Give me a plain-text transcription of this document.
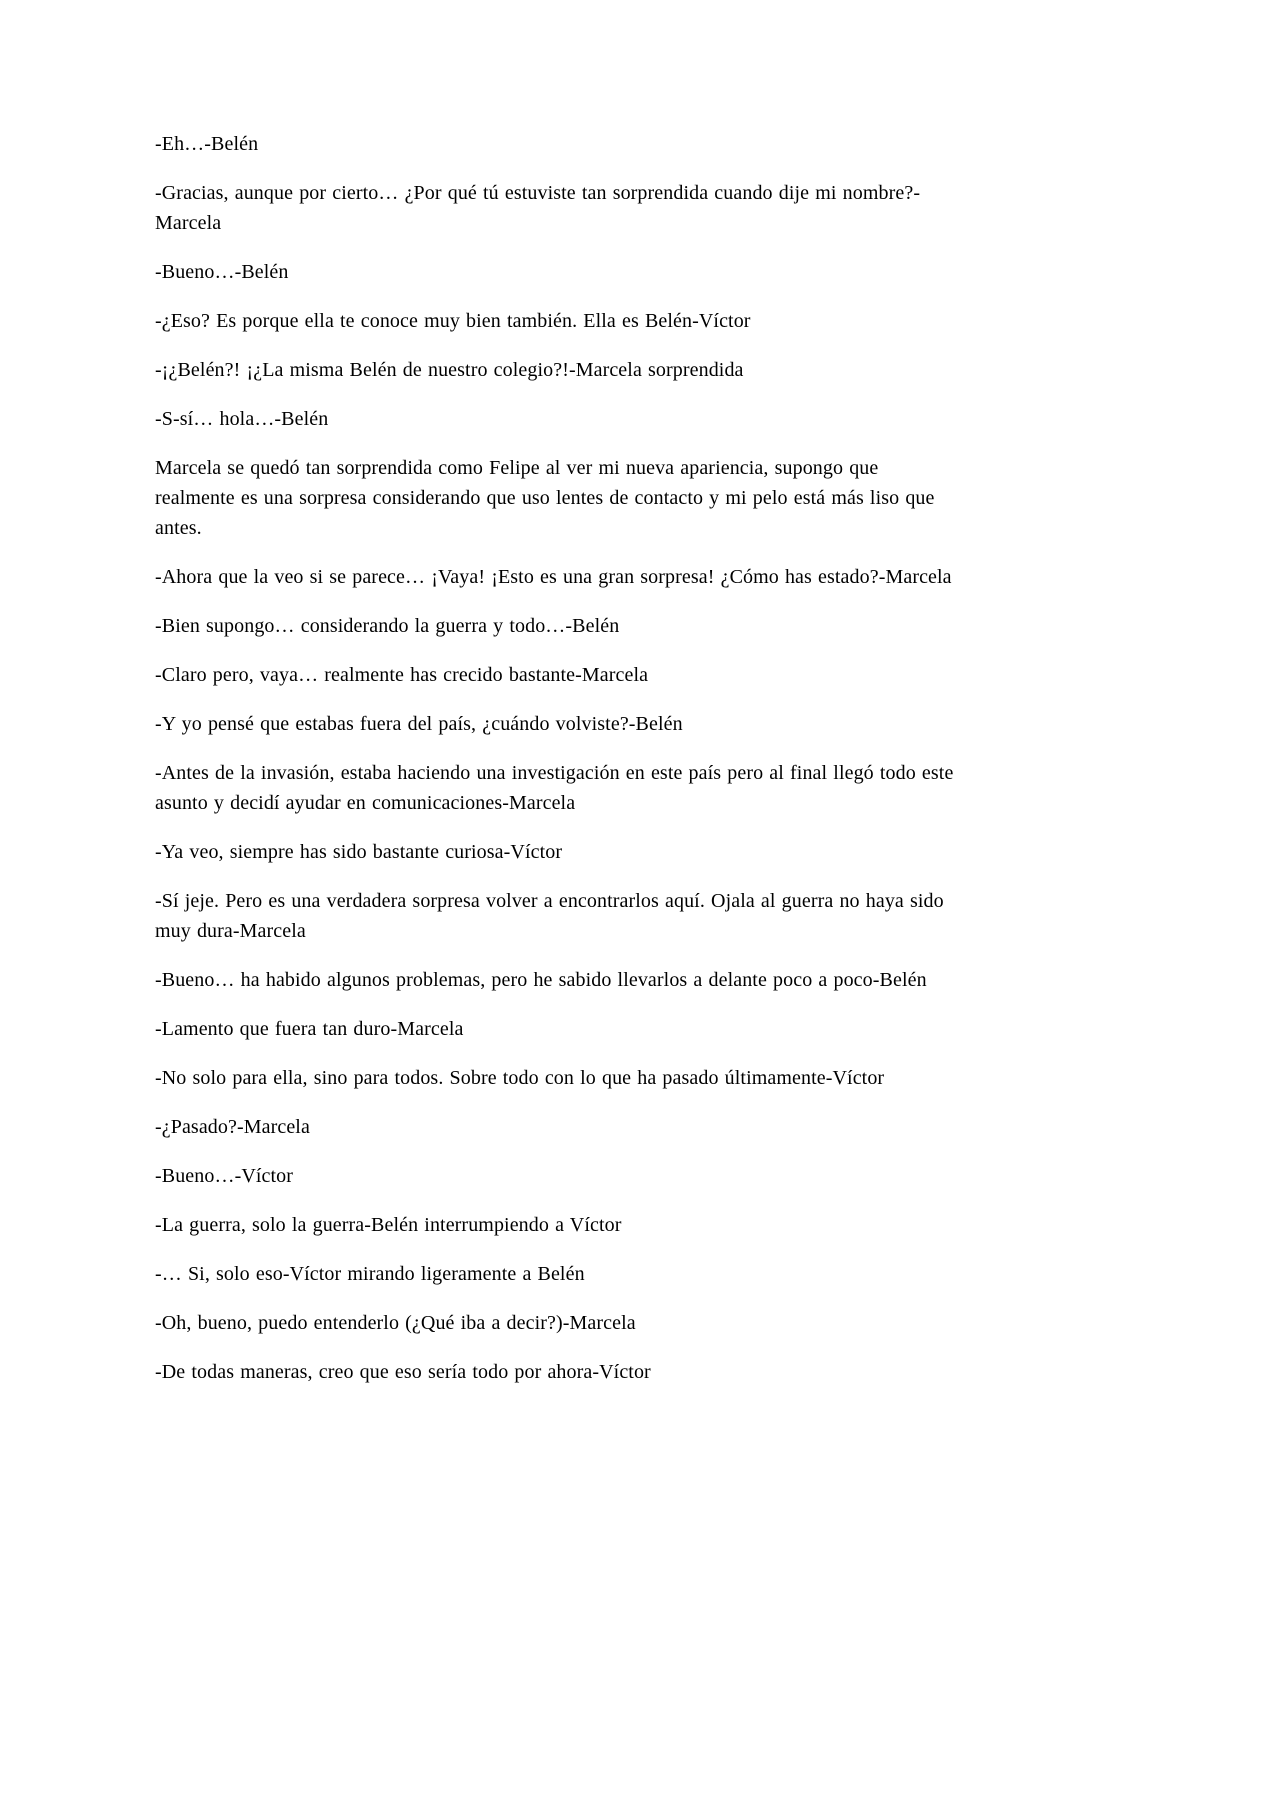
-Eh…-Belén

-Gracias, aunque por cierto… ¿Por qué tú estuviste tan sorprendida cuando dije mi nombre?-Marcela

-Bueno…-Belén

-¿Eso? Es porque ella te conoce muy bien también. Ella es Belén-Víctor

-¡¿Belén?! ¡¿La misma Belén de nuestro colegio?!-Marcela sorprendida

-S-sí… hola…-Belén

Marcela se quedó tan sorprendida como Felipe al ver mi nueva apariencia, supongo que realmente es una sorpresa considerando que uso lentes de contacto y mi pelo está más liso que antes.

-Ahora que la veo si se parece… ¡Vaya! ¡Esto es una gran sorpresa! ¿Cómo has estado?-Marcela

-Bien supongo… considerando la guerra y todo…-Belén

-Claro pero, vaya… realmente has crecido bastante-Marcela

-Y yo pensé que estabas fuera del país, ¿cuándo volviste?-Belén

-Antes de la invasión, estaba haciendo una investigación en este país pero al final llegó todo este asunto y decidí ayudar en comunicaciones-Marcela

-Ya veo, siempre has sido bastante curiosa-Víctor

-Sí jeje. Pero es una verdadera sorpresa volver a encontrarlos aquí. Ojala al guerra no haya sido muy dura-Marcela

-Bueno… ha habido algunos problemas, pero he sabido llevarlos a delante poco a poco-Belén

-Lamento que fuera tan duro-Marcela

-No solo para ella, sino para todos. Sobre todo con lo que ha pasado últimamente-Víctor

-¿Pasado?-Marcela

-Bueno…-Víctor

-La guerra, solo la guerra-Belén interrumpiendo a Víctor

-… Si, solo eso-Víctor mirando ligeramente a Belén

-Oh, bueno, puedo entenderlo (¿Qué iba a decir?)-Marcela

-De todas maneras, creo que eso sería todo por ahora-Víctor
